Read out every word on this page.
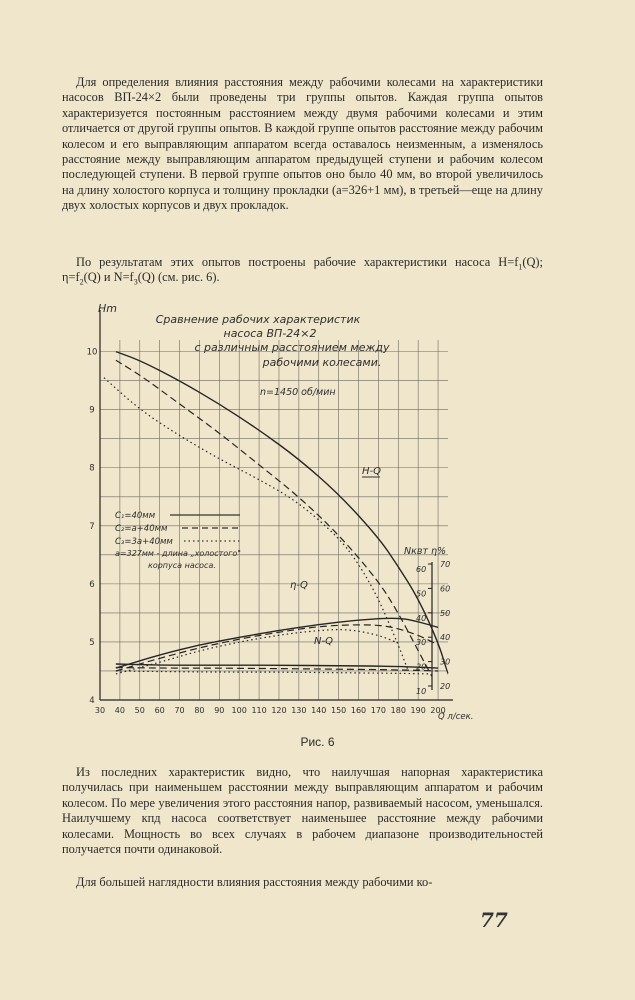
Для определения влияния расстояния между рабочими колесами на характеристики насосов ВП-24×2 были проведены три группы опытов. Каждая группа опытов характеризуется постоянным расстоянием между двумя рабочими колесами и этим отличается от другой группы опытов. В каждой группе опытов расстояние между рабочим колесом и его выправляющим аппаратом всегда оставалось неизменным, а изменялось расстояние между выправляющим аппаратом предыдущей ступени и рабочим колесом последующей ступени. В первой группе опытов оно было 40 мм, во второй увеличилось на длину холостого корпуса и толщину прокладки (а=326+1 мм), в третьей—еще на длину двух холостых корпусов и двух прокладок.

По результатам этих опытов построены рабочие характеристики насоса $H=f_1(Q)$; $\eta=f_2(Q)$ и $N=f_3(Q)$ (см. рис. 6).

30 40 50 60 70 80 90 100 110 120 130 140 150 160 170 180 190 200
4
5
6
7
8
9
10
20
10
30
20
40
30
50
40
60
50
70
60
Hm
Nквт η%
Q л/сек.
Сравнение рабочих характеристик
насоса ВП-24×2
с различным расстоянием между
рабочими колесами.
n=1450 об/мин
H-Q
η-Q
N-Q
C₁=40мм
C₂=a+40мм
C₃=3a+40мм
a=327мм - длина „холостого"
корпуса насоса.
Рис. 6

Из последних характеристик видно, что наилучшая напорная характеристика получилась при наименьшем расстоянии между выправляющим аппаратом и рабочим колесом. По мере увеличения этого расстояния напор, развиваемый насосом, уменьшался. Наилучшему кпд насоса соответствует наименьшее расстояние между рабочими колесами. Мощность во всех случаях в рабочем диапазоне производительностей получается почти одинаковой.

Для большей наглядности влияния расстояния между рабочими ко-

77
